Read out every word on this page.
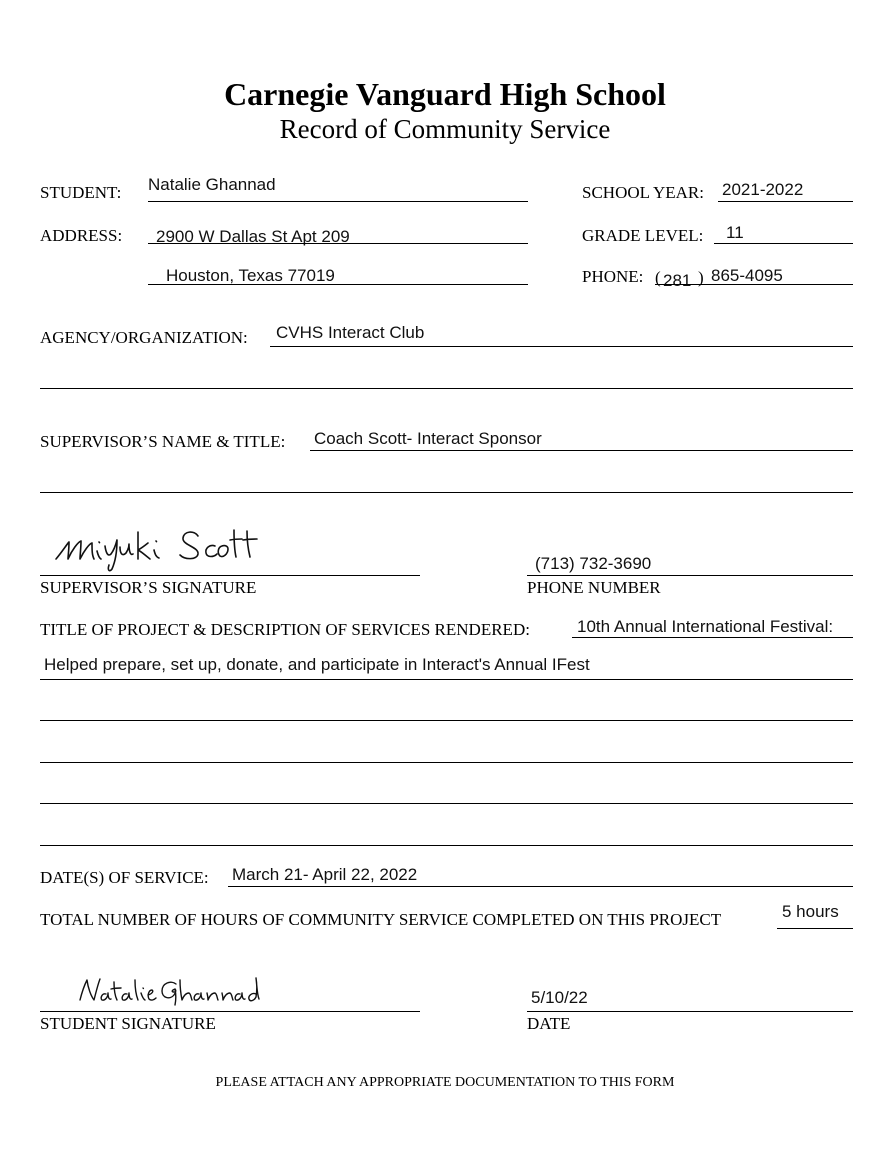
Carnegie Vanguard High School
Record of Community Service
STUDENT: Natalie Ghannad	SCHOOL YEAR: 2021-2022
ADDRESS: 2900 W Dallas St Apt 209
Houston, Texas 77019
GRADE LEVEL: 11
PHONE: ( 281 ) 865-4095
AGENCY/ORGANIZATION: CVHS Interact Club
SUPERVISOR’S NAME & TITLE: Coach Scott- Interact Sponsor
SUPERVISOR’S SIGNATURE
(713) 732-3690
PHONE NUMBER
TITLE OF PROJECT & DESCRIPTION OF SERVICES RENDERED:	10th Annual International Festival:
Helped prepare, set up, donate, and participate in Interact's Annual IFest
DATE(S) OF SERVICE: March 21- April 22, 2022
TOTAL NUMBER OF HOURS OF COMMUNITY SERVICE COMPLETED ON THIS PROJECT	5 hours
STUDENT SIGNATURE
5/10/22
DATE
PLEASE ATTACH ANY APPROPRIATE DOCUMENTATION TO THIS FORM
